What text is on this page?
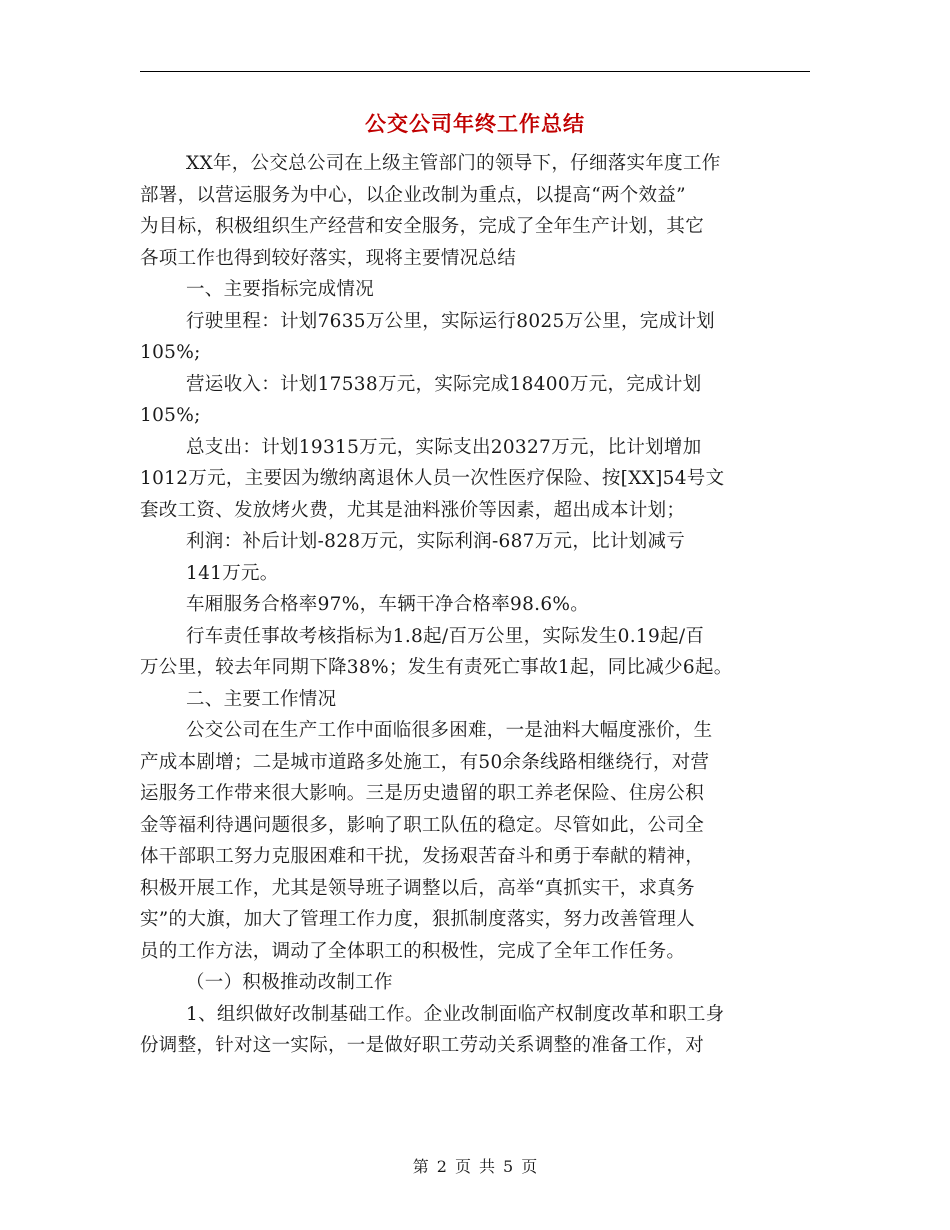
公交公司年终工作总结

XX年，公交总公司在上级主管部门的领导下，仔细落实年度工作

部署，以营运服务为中心，以企业改制为重点，以提高“两个效益”

为目标，积极组织生产经营和安全服务，完成了全年生产计划，其它

各项工作也得到较好落实，现将主要情况总结

一、主要指标完成情况

行驶里程：计划7635万公里，实际运行8025万公里，完成计划

105%;

营运收入：计划17538万元，实际完成18400万元，完成计划

105%;

总支出：计划19315万元，实际支出20327万元，比计划增加

1012万元，主要因为缴纳离退休人员一次性医疗保险、按[XX]54号文

套改工资、发放烤火费，尤其是油料涨价等因素，超出成本计划；

利润：补后计划-828万元，实际利润-687万元，比计划减亏

141万元。

车厢服务合格率97%，车辆干净合格率98.6%。

行车责任事故考核指标为1.8起/百万公里，实际发生0.19起/百

万公里，较去年同期下降38%；发生有责死亡事故1起，同比减少6起。

二、主要工作情况

公交公司在生产工作中面临很多困难，一是油料大幅度涨价，生

产成本剧增；二是城市道路多处施工，有50余条线路相继绕行，对营

运服务工作带来很大影响。三是历史遗留的职工养老保险、住房公积

金等福利待遇问题很多，影响了职工队伍的稳定。尽管如此，公司全

体干部职工努力克服困难和干扰，发扬艰苦奋斗和勇于奉献的精神，

积极开展工作，尤其是领导班子调整以后，高举“真抓实干，求真务

实”的大旗，加大了管理工作力度，狠抓制度落实，努力改善管理人

员的工作方法，调动了全体职工的积极性，完成了全年工作任务。

（一）积极推动改制工作

1、组织做好改制基础工作。企业改制面临产权制度改革和职工身

份调整，针对这一实际，一是做好职工劳动关系调整的准备工作，对

第 2 页 共 5 页
